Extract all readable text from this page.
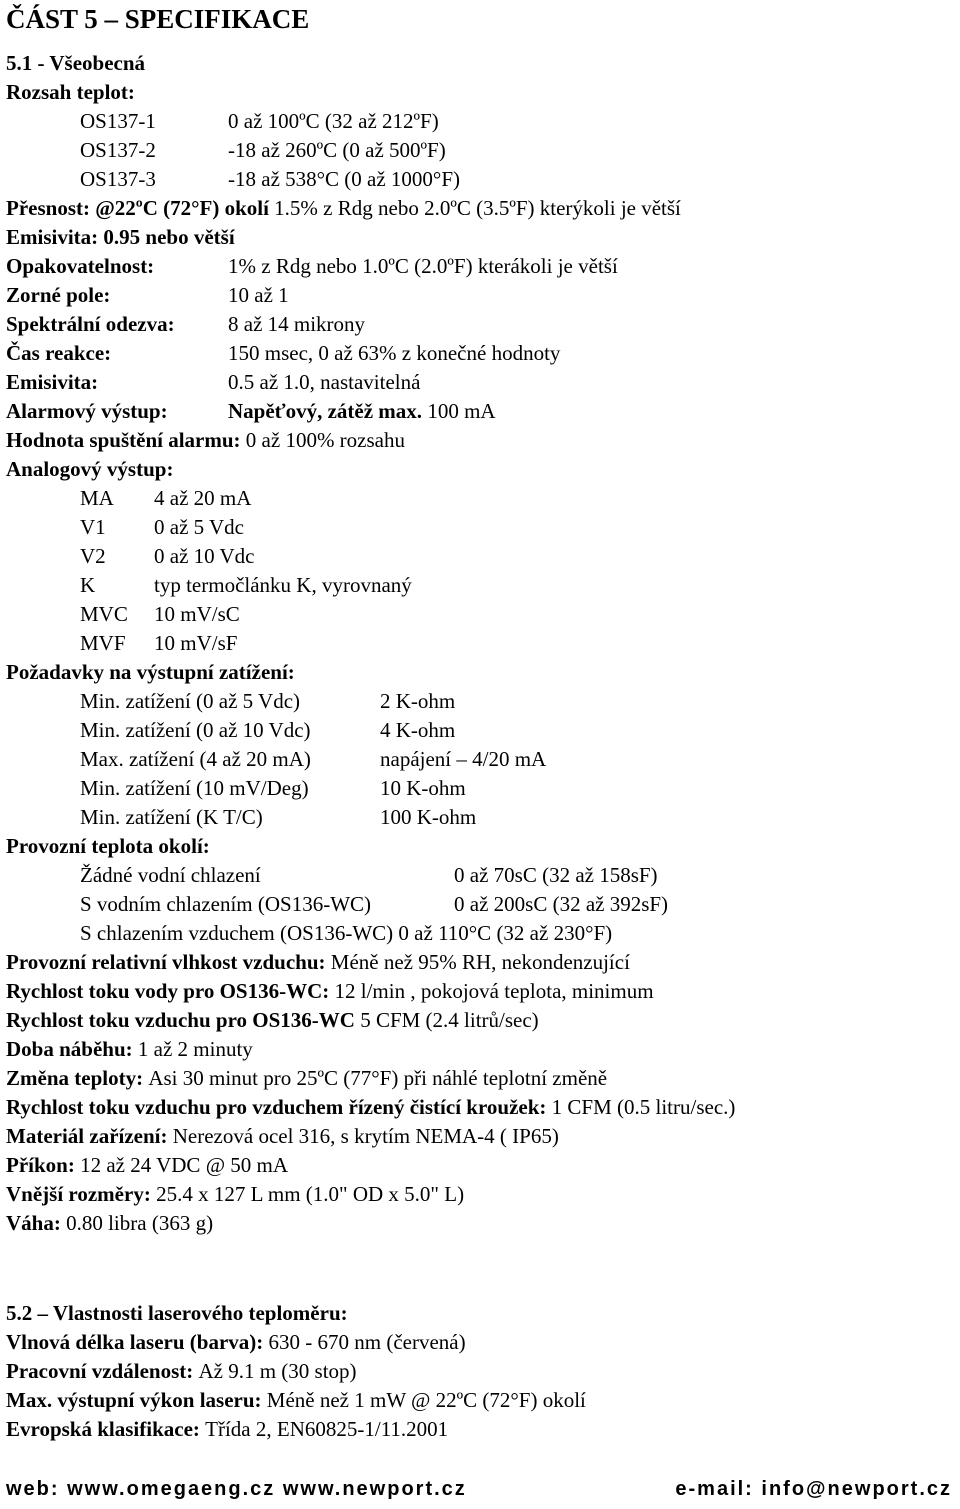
ČÁST 5 – SPECIFIKACE
5.1 - Všeobecná
Rozsah teplot:
OS137-1	0 až 100ºC (32 až 212ºF)
OS137-2	-18 až 260ºC (0 až 500ºF)
OS137-3	-18 až 538°C (0 až 1000°F)
Přesnost: @22ºC (72°F) okolí 1.5% z Rdg nebo 2.0ºC (3.5ºF) kterýkoli je větší
Emisivita: 0.95 nebo větší
Opakovatelnost:	1% z Rdg nebo 1.0ºC (2.0ºF) kterákoli je větší
Zorné pole:	10 až 1
Spektrální odezva:	8 až 14 mikrony
Čas reakce:	150 msec, 0 až 63% z konečné hodnoty
Emisivita:	0.5 až 1.0, nastavitelná
Alarmový výstup:	Napěťový, zátěž max. 100 mA
Hodnota spuštění alarmu: 0 až 100% rozsahu
Analogový výstup:
MA 4 až 20 mA
V1 0 až 5 Vdc
V2 0 až 10 Vdc
K	typ termočlánku K, vyrovnaný
MVC 10 mV/sC
MVF 10 mV/sF
Požadavky na výstupní zatížení:
Min. zatížení (0 až 5 Vdc)	2 K-ohm
Min. zatížení (0 až 10 Vdc)	4 K-ohm
Max. zatížení (4 až 20 mA)	napájení – 4/20 mA
Min. zatížení (10 mV/Deg)	10 K-ohm
Min. zatížení (K T/C)	100 K-ohm
Provozní teplota okolí:
Žádné vodní chlazení	0 až 70sC (32 až 158sF)
S vodním chlazením (OS136-WC)	0 až 200sC (32 až 392sF)
S chlazením vzduchem (OS136-WC) 0 až 110°C (32 až 230°F)
Provozní relativní vlhkost vzduchu: Méně než 95% RH, nekondenzující
Rychlost toku vody pro OS136-WC: 12 l/min , pokojová teplota, minimum
Rychlost toku vzduchu pro OS136-WC 5 CFM (2.4 litrů/sec)
Doba náběhu: 1 až 2 minuty
Změna teploty: Asi 30 minut pro 25ºC (77°F) při náhlé teplotní změně
Rychlost toku vzduchu pro vzduchem řízený čistící kroužek: 1 CFM (0.5 litru/sec.)
Materiál zařízení: Nerezová ocel 316, s krytím NEMA-4 ( IP65)
Příkon: 12 až 24 VDC @ 50 mA
Vnější rozměry: 25.4 x 127 L mm (1.0" OD x 5.0" L)
Váha: 0.80 libra (363 g)
5.2 – Vlastnosti laserového teploměru:
Vlnová délka laseru (barva): 630 - 670 nm (červená)
Pracovní vzdálenost: Až 9.1 m (30 stop)
Max. výstupní výkon laseru: Méně než 1 mW @ 22ºC (72°F) okolí
Evropská klasifikace: Třída 2, EN60825-1/11.2001
web: www.omegaeng.cz www.newport.cz	e-mail: info@newport.cz
